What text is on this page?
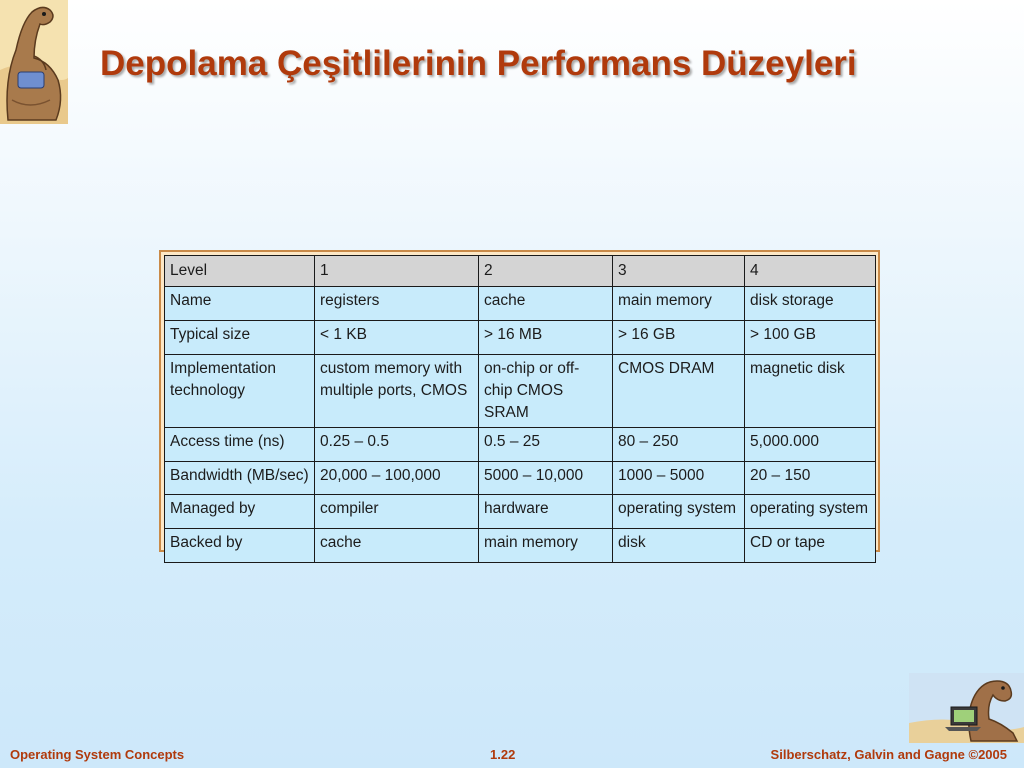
Depolama Çeşitlilerinin Performans Düzeyleri
Level	1	2	3	4
Name	registers	cache	main memory	disk storage
Typical size	< 1 KB	> 16 MB	> 16 GB	> 100 GB
Implementation technology	custom memory with multiple ports, CMOS	on-chip or off-chip CMOS SRAM	CMOS DRAM	magnetic disk
Access time (ns)	0.25 – 0.5	0.5 – 25	80 – 250	5,000.000
Bandwidth (MB/sec)	20,000 – 100,000	5000 – 10,000	1000 – 5000	20 – 150
Managed by	compiler	hardware	operating system	operating system
Backed by	cache	main memory	disk	CD or tape
Operating System Concepts	1.22	Silberschatz, Galvin and Gagne ©2005
